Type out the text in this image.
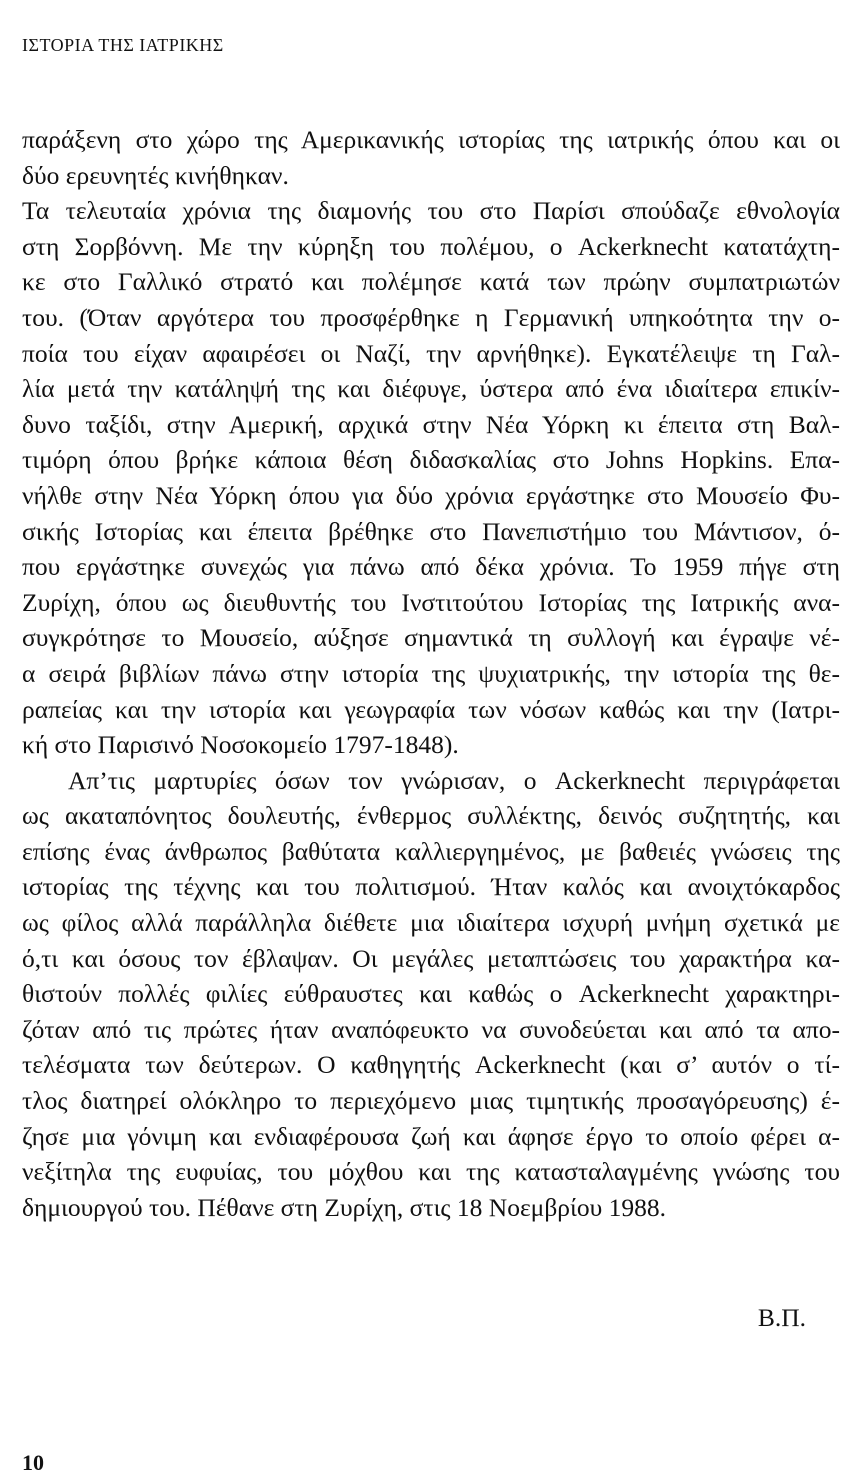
ΙΣΤΟΡΙΑ ΤΗΣ ΙΑΤΡΙΚΗΣ
παράξενη στο χώρο της Αμερικανικής ιστορίας της ιατρικής όπου και οι
δύο ερευνητές κινήθηκαν.
Τα τελευταία χρόνια της διαμονής του στο Παρίσι σπούδαζε εθνολογία
στη Σορβόννη. Με την κύρηξη του πολέμου, ο Ackerknecht κατατάχτη-
κε στο Γαλλικό στρατό και πολέμησε κατά των πρώην συμπατριωτών
του. (Όταν αργότερα του προσφέρθηκε η Γερμανική υπηκοότητα την ο-
ποία του είχαν αφαιρέσει οι Ναζί, την αρνήθηκε). Εγκατέλειψε τη Γαλ-
λία μετά την κατάληψή της και διέφυγε, ύστερα από ένα ιδιαίτερα επικίν-
δυνο ταξίδι, στην Αμερική, αρχικά στην Νέα Υόρκη κι έπειτα στη Βαλ-
τιμόρη όπου βρήκε κάποια θέση διδασκαλίας στο Johns Hopkins. Επα-
νήλθε στην Νέα Υόρκη όπου για δύο χρόνια εργάστηκε στο Μουσείο Φυ-
σικής Ιστορίας και έπειτα βρέθηκε στο Πανεπιστήμιο του Μάντισον, ό-
που εργάστηκε συνεχώς για πάνω από δέκα χρόνια. Το 1959 πήγε στη
Ζυρίχη, όπου ως διευθυντής του Ινστιτούτου Ιστορίας της Ιατρικής ανα-
συγκρότησε το Μουσείο, αύξησε σημαντικά τη συλλογή και έγραψε νέ-
α σειρά βιβλίων πάνω στην ιστορία της ψυχιατρικής, την ιστορία της θε-
ραπείας και την ιστορία και γεωγραφία των νόσων καθώς και την (Ιατρι-
κή στο Παρισινό Νοσοκομείο 1797-1848).
Απ’τις μαρτυρίες όσων τον γνώρισαν, ο Ackerknecht περιγράφεται
ως ακαταπόνητος δουλευτής, ένθερμος συλλέκτης, δεινός συζητητής, και
επίσης ένας άνθρωπος βαθύτατα καλλιεργημένος, με βαθειές γνώσεις της
ιστορίας της τέχνης και του πολιτισμού. Ήταν καλός και ανοιχτόκαρδος
ως φίλος αλλά παράλληλα διέθετε μια ιδιαίτερα ισχυρή μνήμη σχετικά με
ό,τι και όσους τον έβλαψαν. Οι μεγάλες μεταπτώσεις του χαρακτήρα κα-
θιστούν πολλές φιλίες εύθραυστες και καθώς ο Ackerknecht χαρακτηρι-
ζόταν από τις πρώτες ήταν αναπόφευκτο να συνοδεύεται και από τα απο-
τελέσματα των δεύτερων. Ο καθηγητής Ackerknecht (και σ’ αυτόν ο τί-
τλος διατηρεί ολόκληρο το περιεχόμενο μιας τιμητικής προσαγόρευσης) έ-
ζησε μια γόνιμη και ενδιαφέρουσα ζωή και άφησε έργο το οποίο φέρει α-
νεξίτηλα της ευφυίας, του μόχθου και της κατασταλαγμένης γνώσης του
δημιουργού του. Πέθανε στη Ζυρίχη, στις 18 Νοεμβρίου 1988.
Β.Π.
10
